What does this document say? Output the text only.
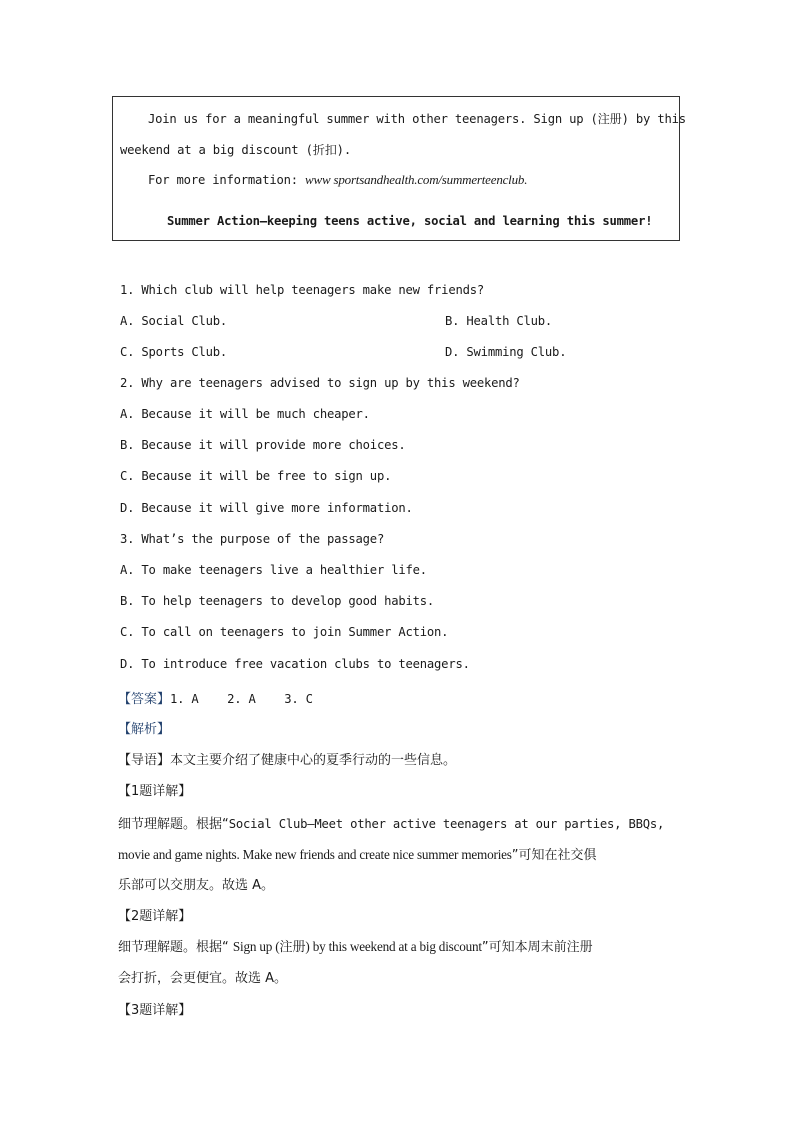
Join us for a meaningful summer with other teenagers. Sign up (注册) by this
weekend at a big discount (折扣).
For more information: www sportsandhealth.com/summerteenclub.
Summer Action—keeping teens active, social and learning this summer!
1. Which club will help teenagers make new friends?
A. Social Club.	B. Health Club.
C. Sports Club.	D. Swimming Club.
2. Why are teenagers advised to sign up by this weekend?
A. Because it will be much cheaper.
B. Because it will provide more choices.
C. Because it will be free to sign up.
D. Because it will give more information.
3. What’s the purpose of the passage?
A. To make teenagers live a healthier life.
B. To help teenagers to develop good habits.
C. To call on teenagers to join Summer Action.
D. To introduce free vacation clubs to teenagers.
【答案】1. A    2. A    3. C
【解析】
【导语】本文主要介绍了健康中心的夏季行动的一些信息。
【1题详解】
细节理解题。根据“Social Club—Meet other active teenagers at our parties, BBQs,
movie and game nights. Make new friends and create nice summer memories”可知在社交俱
乐部可以交朋友。故选 A。
【2题详解】
细节理解题。根据“ Sign up (注册) by this weekend at a big discount”可知本周末前注册
会打折，会更便宜。故选 A。
【3题详解】
